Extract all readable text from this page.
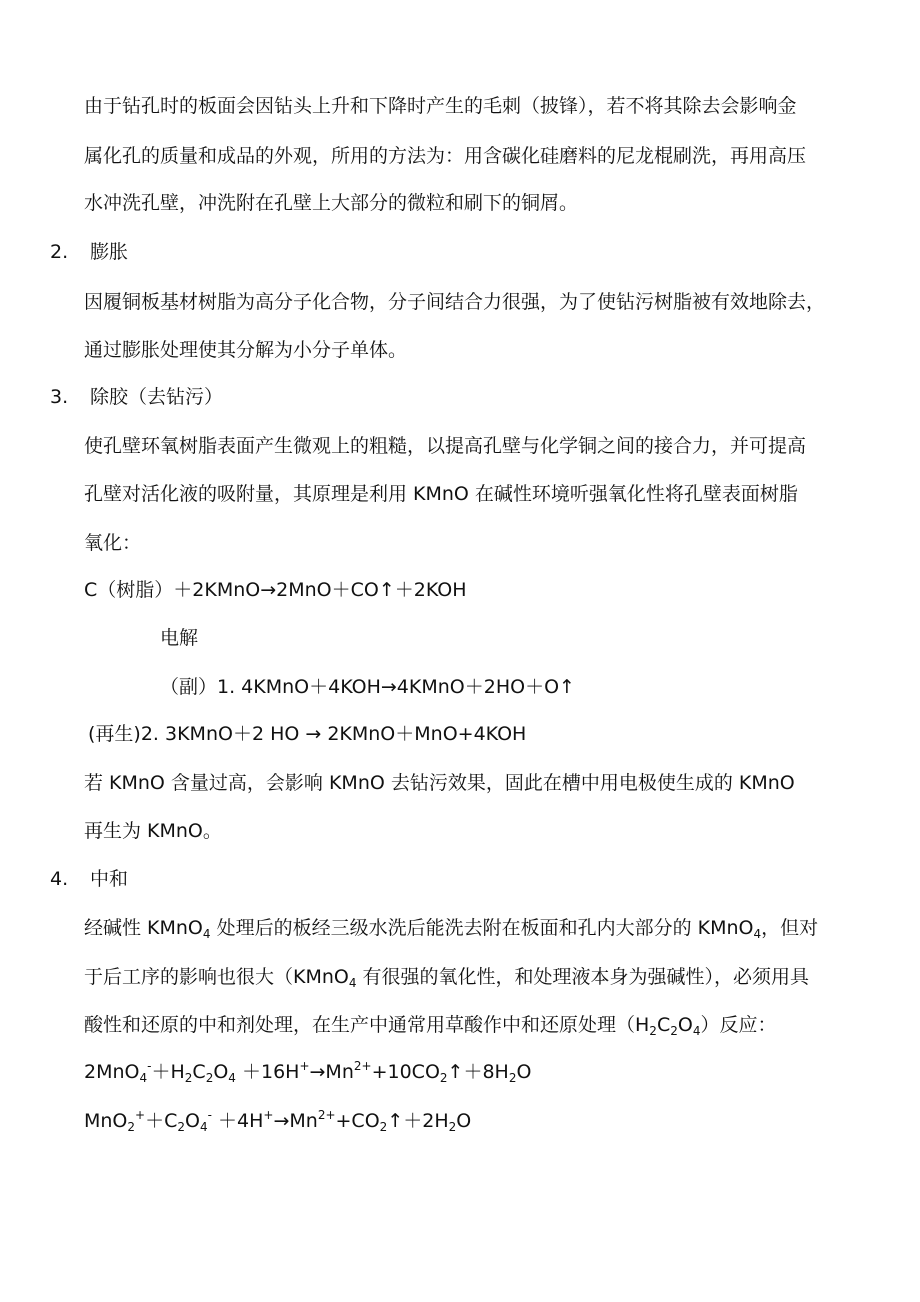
由于钻孔时的板面会因钻头上升和下降时产生的毛刺（披锋），若不将其除去会影响金
属化孔的质量和成品的外观，所用的方法为：用含碳化硅磨料的尼龙棍刷洗，再用高压
水冲洗孔壁，冲洗附在孔壁上大部分的微粒和刷下的铜屑。
2. 膨胀
因履铜板基材树脂为高分子化合物，分子间结合力很强，为了使钻污树脂被有效地除去，
通过膨胀处理使其分解为小分子单体。
3. 除胶（去钻污）
使孔壁环氧树脂表面产生微观上的粗糙，以提高孔壁与化学铜之间的接合力，并可提高
孔壁对活化液的吸附量，其原理是利用 KMnO 在碱性环境听强氧化性将孔壁表面树脂
氧化：
C（树脂）＋2KMnO→2MnO＋CO↑＋2KOH
电解
（副）1. 4KMnO＋4KOH→4KMnO＋2HO＋O↑
(再生)2. 3KMnO＋2 HO → 2KMnO＋MnO+4KOH
若 KMnO 含量过高，会影响 KMnO 去钻污效果，固此在槽中用电极使生成的 KMnO
再生为 KMnO。
4. 中和
经碱性 KMnO$_4$ 处理后的板经三级水洗后能洗去附在板面和孔内大部分的 KMnO$_4$，但对
于后工序的影响也很大（KMnO$_4$ 有很强的氧化性，和处理液本身为强碱性），必须用具
酸性和还原的中和剂处理，在生产中通常用草酸作中和还原处理$(H_2C_2O_4)$反应：
$2MnO_4^-+H_2C_2O_4$ $+16H^+\to Mn^{2+}+10CO_2↑+8H_2O$
$MnO_2^++C_2O_4^-$ $+4H^+\to Mn^{2+}+CO_2↑+2H_2O$
